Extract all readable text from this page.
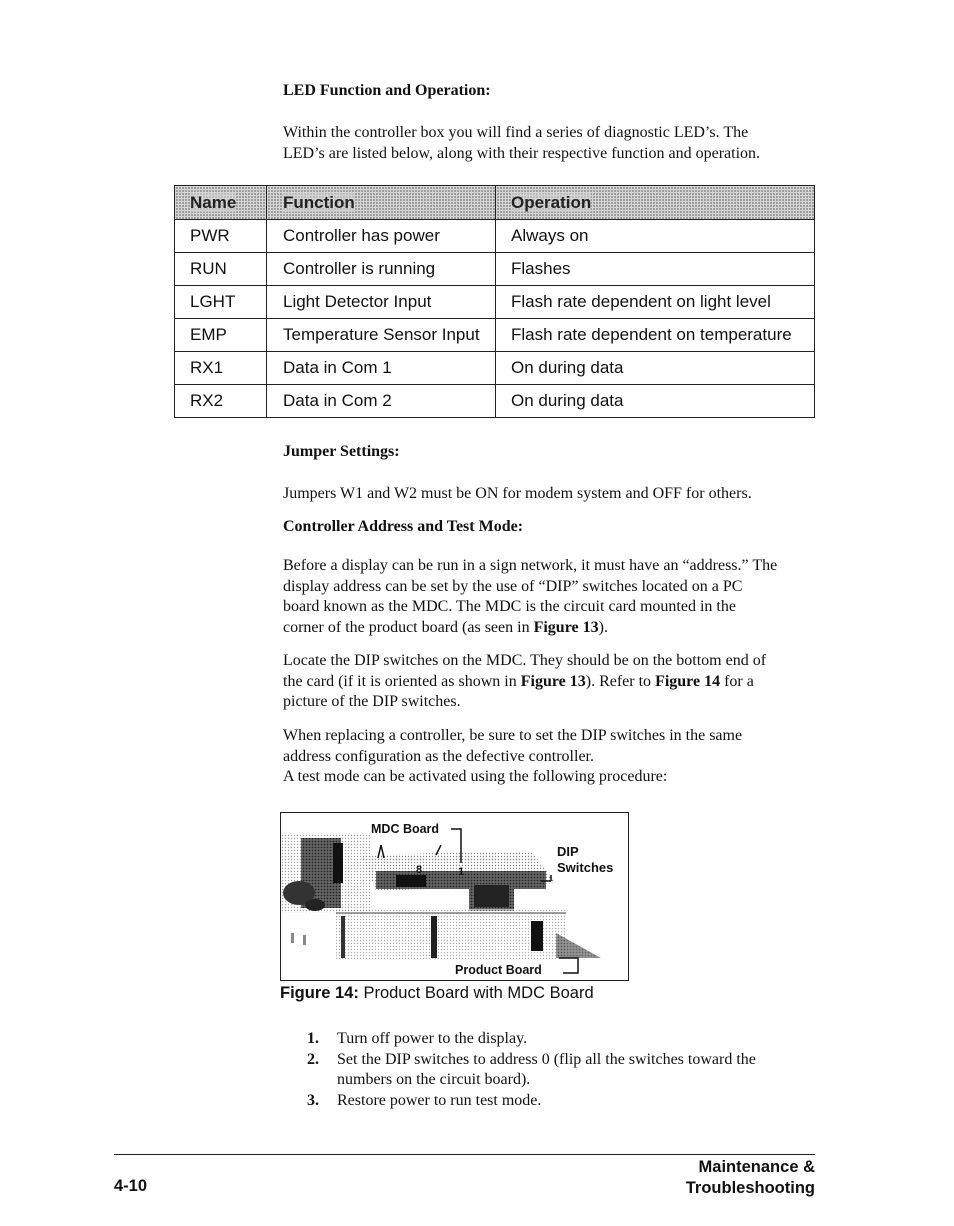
LED Function and Operation:

Within the controller box you will find a series of diagnostic LED’s. The

LED’s are listed below, along with their respective function and operation.

Name	Function	Operation
PWR	Controller has power	Always on
RUN	Controller is running	Flashes
LGHT	Light Detector Input	Flash rate dependent on light level
EMP	Temperature Sensor Input	Flash rate dependent on temperature
RX1	Data in Com 1	On during data
RX2	Data in Com 2	On during data
Jumper Settings:

Jumpers W1 and W2 must be ON for modem system and OFF for others.

Controller Address and Test Mode:

Before a display can be run in a sign network, it must have an “address.” The

display address can be set by the use of “DIP” switches located on a PC

board known as the MDC. The MDC is the circuit card mounted in the

corner of the product board (as seen in Figure 13).

Locate the DIP switches on the MDC. They should be on the bottom end of

the card (if it is oriented as shown in Figure 13). Refer to Figure 14 for a

picture of the DIP switches.

When replacing a controller, be sure to set the DIP switches in the same

address configuration as the defective controller.

A test mode can be activated using the following procedure:

MDC Board
DIP
Switches
8	1
Product Board
Figure 14: Product Board with MDC Board
1. Turn off power to the display.
2. Set the DIP switches to address 0 (flip all the switches toward the numbers on the circuit board).
3. Restore power to run test mode.
Maintenance &
Troubleshooting
4-10
